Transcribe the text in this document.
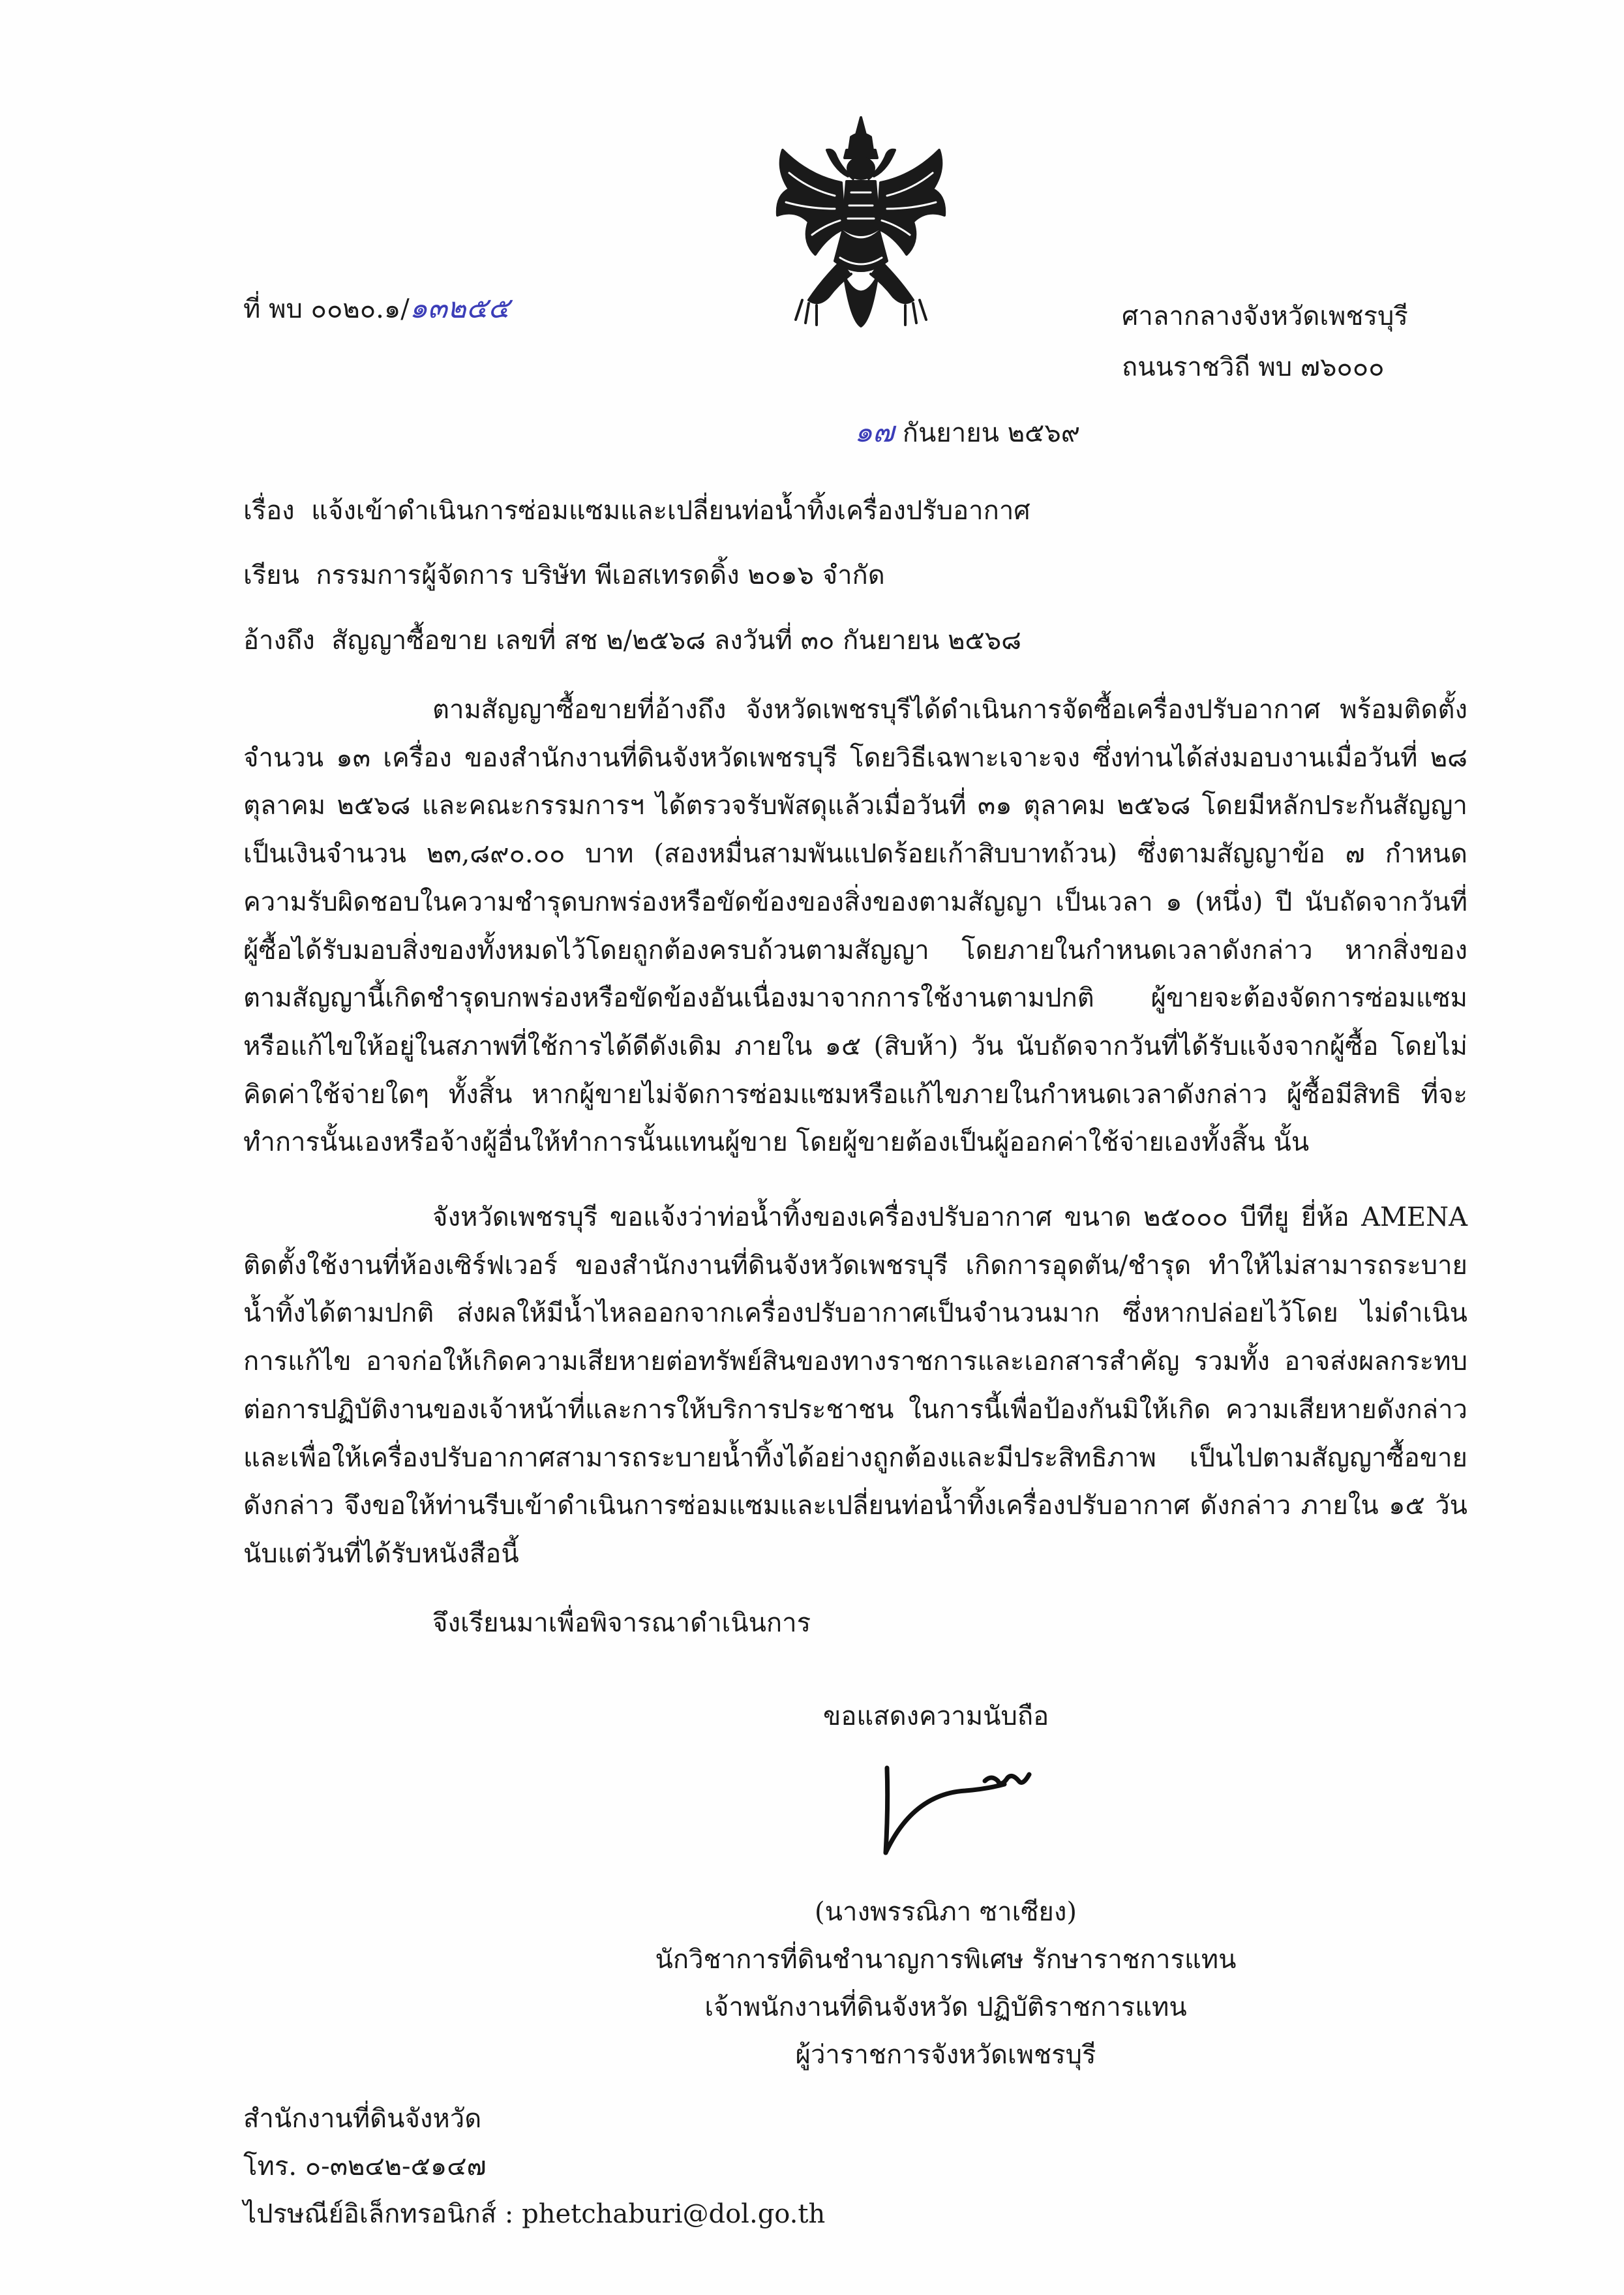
ที่ พบ ๐๐๒๐.๑/๑๓๒๕๕	ศาลากลางจังหวัดเพชรบุรี
ถนนราชวิถี พบ ๗๖๐๐๐
๑๗ กันยายน ๒๕๖๙
เรื่อง แจ้งเข้าดำเนินการซ่อมแซมและเปลี่ยนท่อน้ำทิ้งเครื่องปรับอากาศ
เรียน กรรมการผู้จัดการ บริษัท พีเอสเทรดดิ้ง ๒๐๑๖ จำกัด
อ้างถึง สัญญาซื้อขาย เลขที่ สช ๒/๒๕๖๘ ลงวันที่ ๓๐ กันยายน ๒๕๖๘

ตามสัญญาซื้อขายที่อ้างถึง จังหวัดเพชรบุรีได้ดำเนินการจัดซื้อเครื่องปรับอากาศ พร้อมติดตั้ง จำนวน ๑๓ เครื่อง ของสำนักงานที่ดินจังหวัดเพชรบุรี โดยวิธีเฉพาะเจาะจง ซึ่งท่านได้ส่งมอบงานเมื่อวันที่ ๒๘ ตุลาคม ๒๕๖๘ และคณะกรรมการฯ ได้ตรวจรับพัสดุแล้วเมื่อวันที่ ๓๑ ตุลาคม ๒๕๖๘ โดยมีหลักประกันสัญญา เป็นเงินจำนวน ๒๓,๘๙๐.๐๐ บาท (สองหมื่นสามพันแปดร้อยเก้าสิบบาทถ้วน) ซึ่งตามสัญญาข้อ ๗ กำหนด ความรับผิดชอบในความชำรุดบกพร่องหรือขัดข้องของสิ่งของตามสัญญา เป็นเวลา ๑ (หนึ่ง) ปี นับถัดจากวันที่ ผู้ซื้อได้รับมอบสิ่งของทั้งหมดไว้โดยถูกต้องครบถ้วนตามสัญญา โดยภายในกำหนดเวลาดังกล่าว หากสิ่งของ ตามสัญญานี้เกิดชำรุดบกพร่องหรือขัดข้องอันเนื่องมาจากการใช้งานตามปกติ ผู้ขายจะต้องจัดการซ่อมแซม หรือแก้ไขให้อยู่ในสภาพที่ใช้การได้ดีดังเดิม ภายใน ๑๕ (สิบห้า) วัน นับถัดจากวันที่ได้รับแจ้งจากผู้ซื้อ โดยไม่คิดค่าใช้จ่ายใดๆ ทั้งสิ้น หากผู้ขายไม่จัดการซ่อมแซมหรือแก้ไขภายในกำหนดเวลาดังกล่าว ผู้ซื้อมีสิทธิ ที่จะทำการนั้นเองหรือจ้างผู้อื่นให้ทำการนั้นแทนผู้ขาย โดยผู้ขายต้องเป็นผู้ออกค่าใช้จ่ายเองทั้งสิ้น นั้น

จังหวัดเพชรบุรี ขอแจ้งว่าท่อน้ำทิ้งของเครื่องปรับอากาศ ขนาด ๒๕๐๐๐ บีทียู ยี่ห้อ AMENA ติดตั้งใช้งานที่ห้องเซิร์ฟเวอร์ ของสำนักงานที่ดินจังหวัดเพชรบุรี เกิดการอุดตัน/ชำรุด ทำให้ไม่สามารถระบาย น้ำทิ้งได้ตามปกติ ส่งผลให้มีน้ำไหลออกจากเครื่องปรับอากาศเป็นจำนวนมาก ซึ่งหากปล่อยไว้โดย ไม่ดำเนินการแก้ไข อาจก่อให้เกิดความเสียหายต่อทรัพย์สินของทางราชการและเอกสารสำคัญ รวมทั้ง อาจส่งผลกระทบต่อการปฏิบัติงานของเจ้าหน้าที่และการให้บริการประชาชน ในการนี้เพื่อป้องกันมิให้เกิด ความเสียหายดังกล่าว และเพื่อให้เครื่องปรับอากาศสามารถระบายน้ำทิ้งได้อย่างถูกต้องและมีประสิทธิภาพ เป็นไปตามสัญญาซื้อขายดังกล่าว จึงขอให้ท่านรีบเข้าดำเนินการซ่อมแซมและเปลี่ยนท่อน้ำทิ้งเครื่องปรับอากาศ ดังกล่าว ภายใน ๑๕ วัน นับแต่วันที่ได้รับหนังสือนี้

จึงเรียนมาเพื่อพิจารณาดำเนินการ
ขอแสดงความนับถือ
(นางพรรณิภา ซาเซียง)
นักวิชาการที่ดินชำนาญการพิเศษ รักษาราชการแทน
เจ้าพนักงานที่ดินจังหวัด ปฏิบัติราชการแทน
ผู้ว่าราชการจังหวัดเพชรบุรี
สำนักงานที่ดินจังหวัด
โทร. ๐-๓๒๔๒-๕๑๔๗
ไปรษณีย์อิเล็กทรอนิกส์ : phetchaburi@dol.go.th
